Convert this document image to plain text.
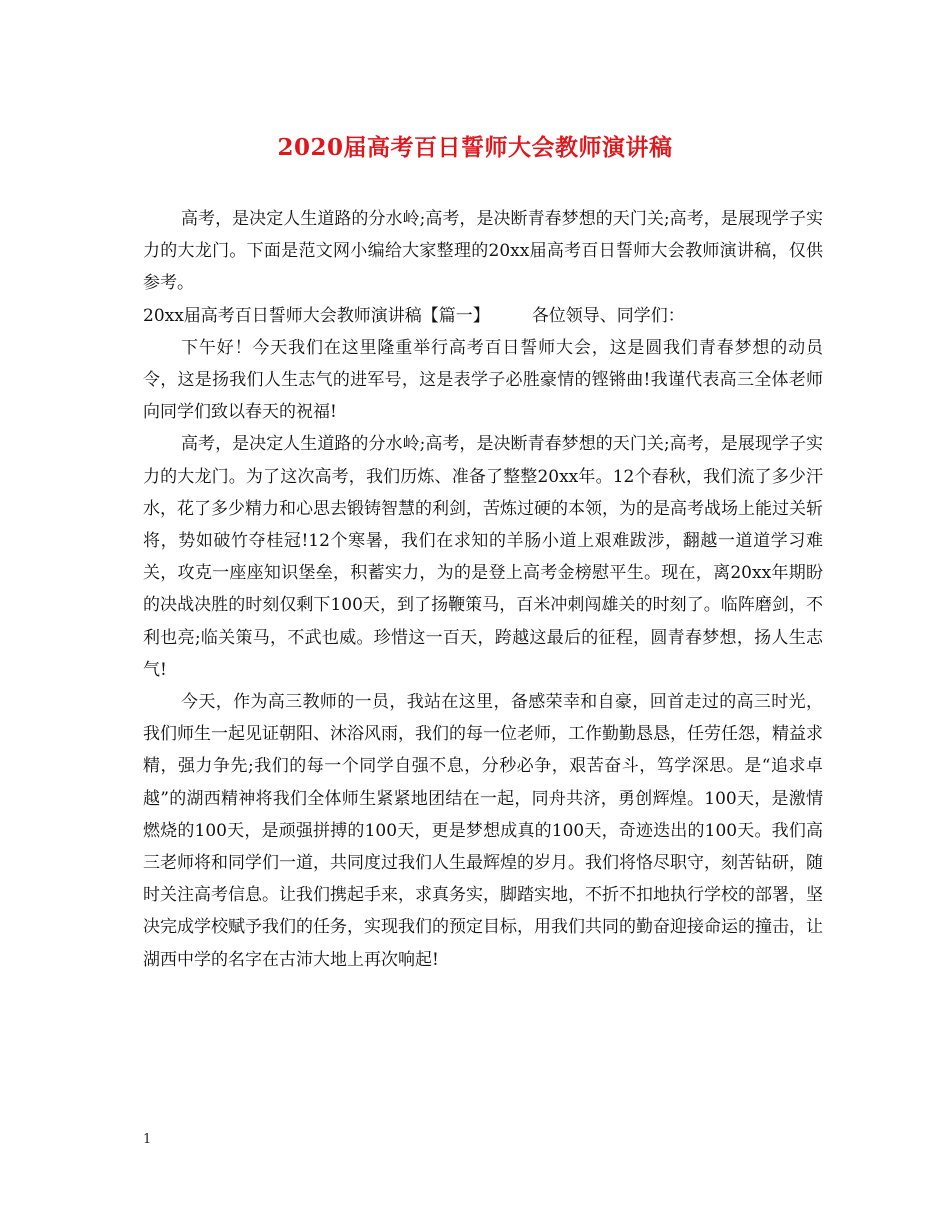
2020届高考百日誓师大会教师演讲稿

高考，是决定人生道路的分水岭;高考，是决断青春梦想的天门关;高考，是展现学子实力的大龙门。下面是范文网小编给大家整理的20xx届高考百日誓师大会教师演讲稿，仅供参考。

20xx届高考百日誓师大会教师演讲稿【篇一】 各位领导、同学们：

下午好！今天我们在这里隆重举行高考百日誓师大会，这是圆我们青春梦想的动员令，这是扬我们人生志气的进军号，这是表学子必胜豪情的铿锵曲!我谨代表高三全体老师向同学们致以春天的祝福!

高考，是决定人生道路的分水岭;高考，是决断青春梦想的天门关;高考，是展现学子实力的大龙门。为了这次高考，我们历炼、准备了整整20xx年。12个春秋，我们流了多少汗水，花了多少精力和心思去锻铸智慧的利剑，苦炼过硬的本领，为的是高考战场上能过关斩将，势如破竹夺桂冠!12个寒暑，我们在求知的羊肠小道上艰难跋涉，翻越一道道学习难关，攻克一座座知识堡垒，积蓄实力，为的是登上高考金榜慰平生。现在，离20xx年期盼的决战决胜的时刻仅剩下100天，到了扬鞭策马，百米冲刺闯雄关的时刻了。临阵磨剑，不利也亮;临关策马，不武也威。珍惜这一百天，跨越这最后的征程，圆青春梦想，扬人生志气!

今天，作为高三教师的一员，我站在这里，备感荣幸和自豪，回首走过的高三时光，我们师生一起见证朝阳、沐浴风雨，我们的每一位老师，工作勤勤恳恳，任劳任怨，精益求精，强力争先;我们的每一个同学自强不息，分秒必争，艰苦奋斗，笃学深思。是“追求卓越”的湖西精神将我们全体师生紧紧地团结在一起，同舟共济，勇创辉煌。100天，是激情燃烧的100天，是顽强拼搏的100天，更是梦想成真的100天，奇迹迭出的100天。我们高三老师将和同学们一道，共同度过我们人生最辉煌的岁月。我们将恪尽职守，刻苦钻研，随时关注高考信息。让我们携起手来，求真务实，脚踏实地，不折不扣地执行学校的部署，坚决完成学校赋予我们的任务，实现我们的预定目标，用我们共同的勤奋迎接命运的撞击，让湖西中学的名字在古沛大地上再次响起!

1
